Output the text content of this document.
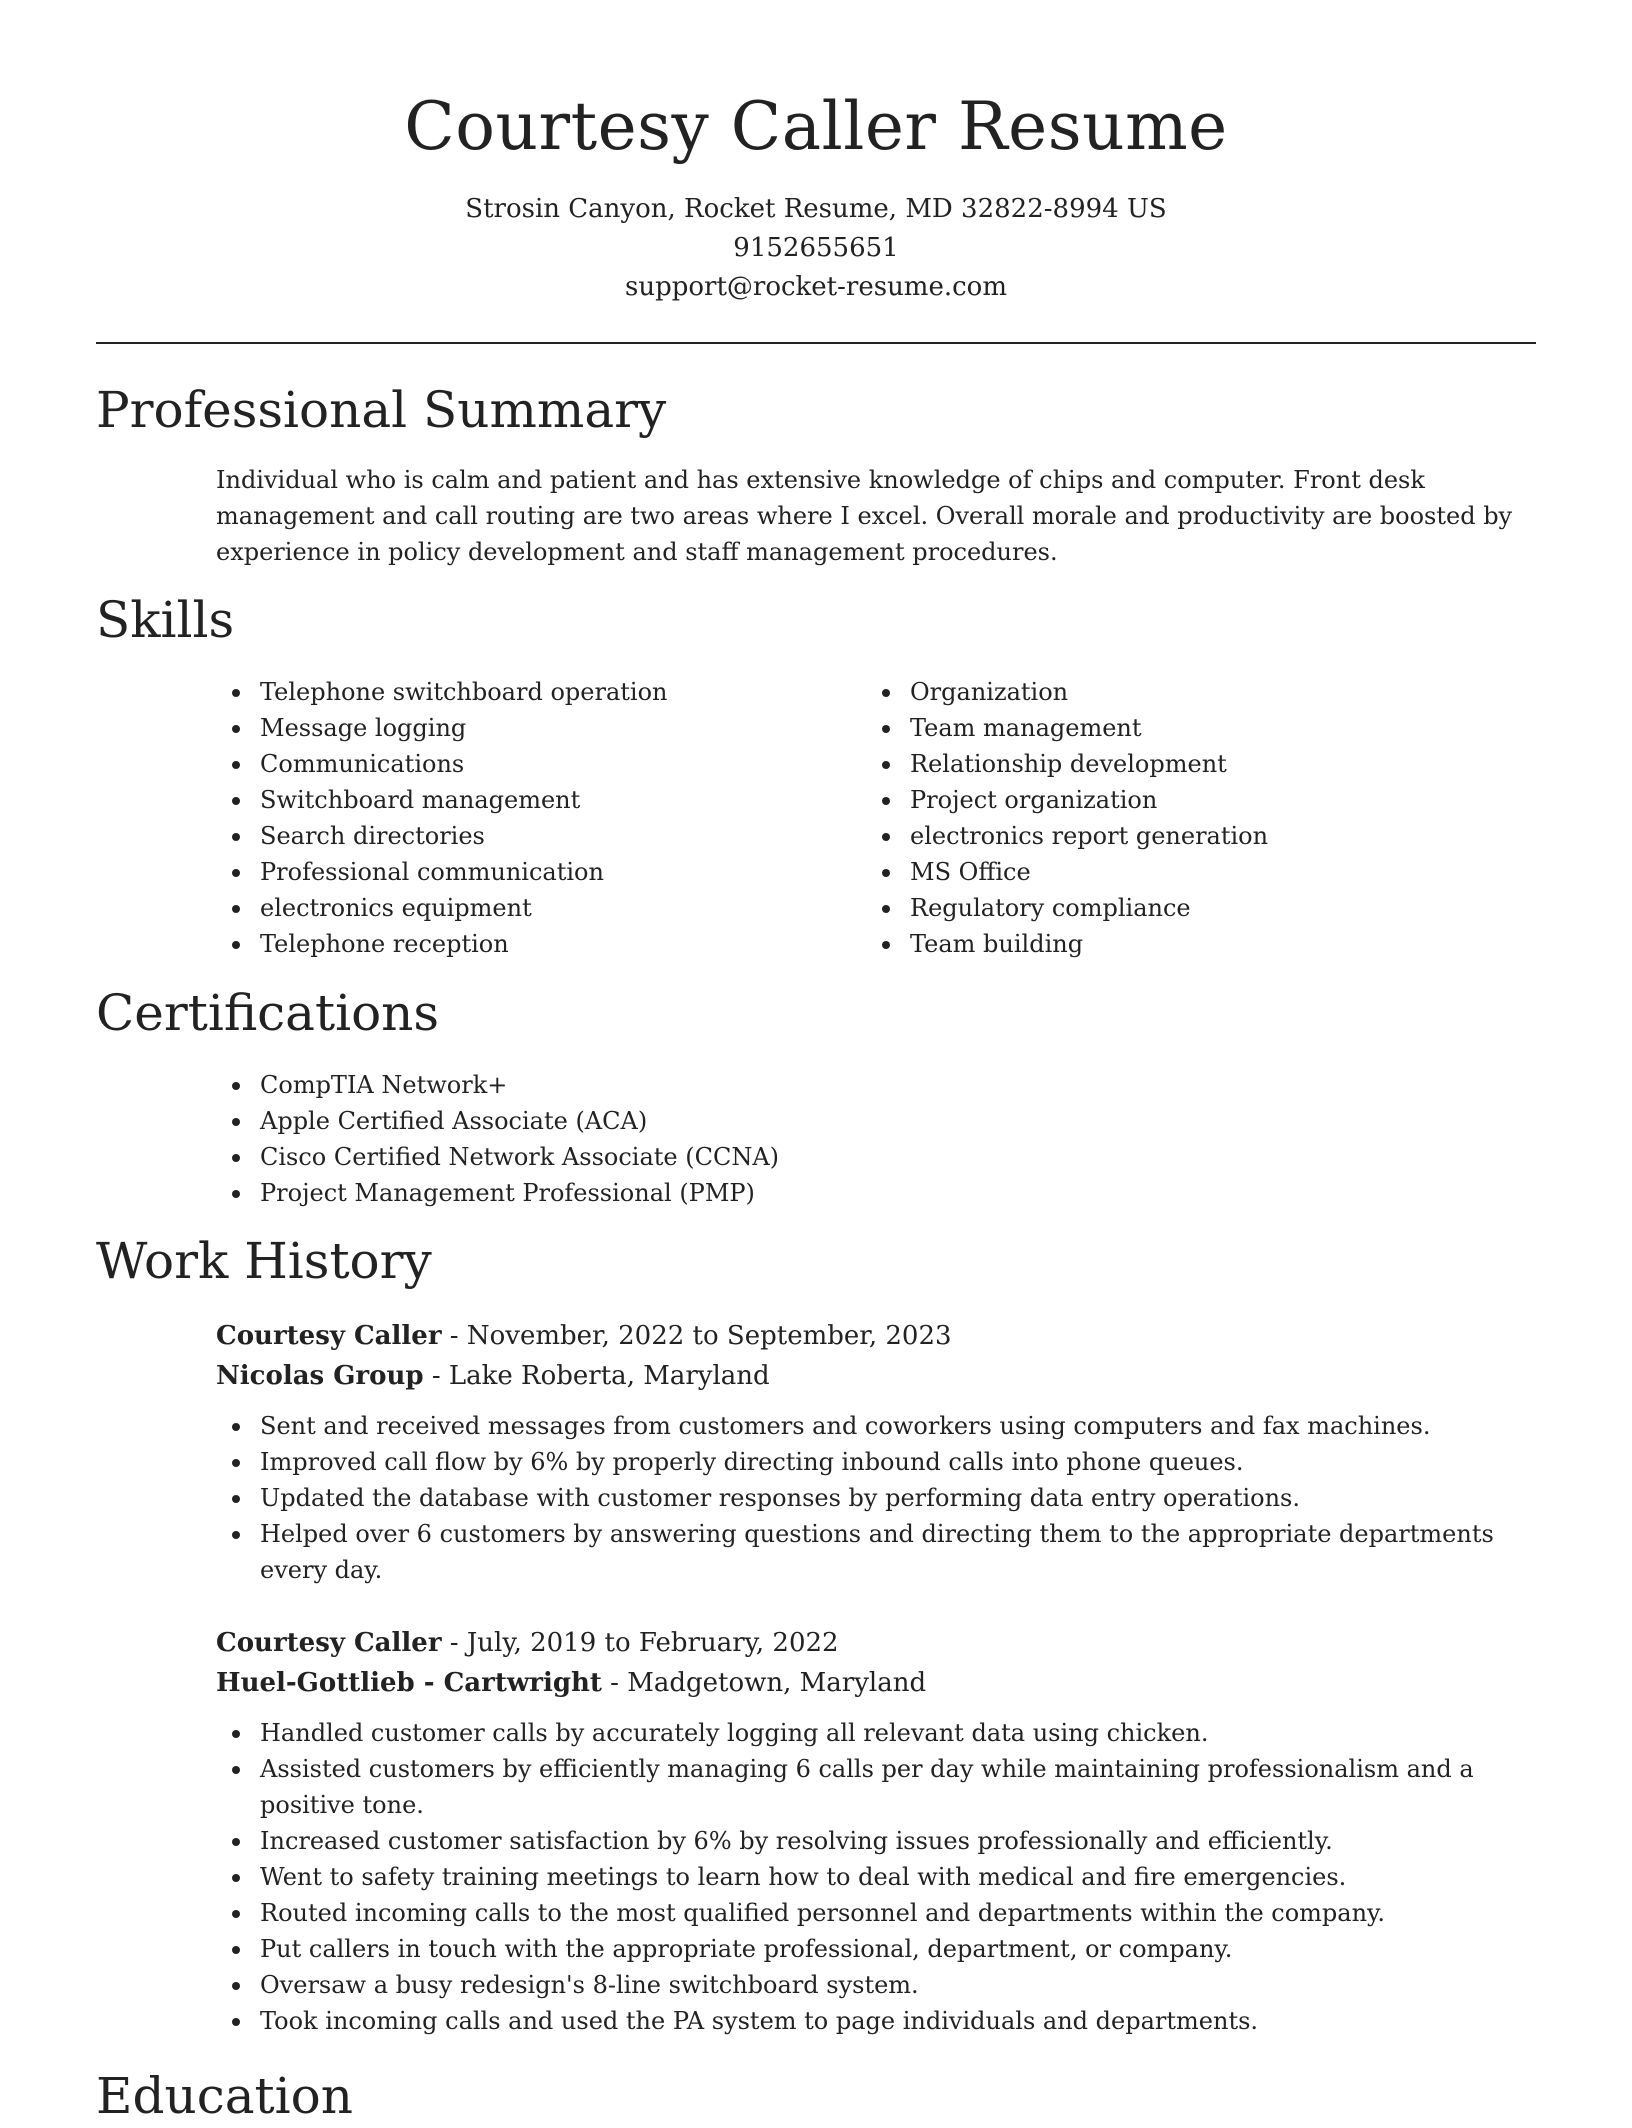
Courtesy Caller Resume
Strosin Canyon, Rocket Resume, MD 32822-8994 US
9152655651
support@rocket-resume.com
Professional Summary

Individual who is calm and patient and has extensive knowledge of chips and computer. Front desk management and call routing are two areas where I excel. Overall morale and productivity are boosted by experience in policy development and staff management procedures.

Skills
Telephone switchboard operation
Message logging
Communications
Switchboard management
Search directories
Professional communication
electronics equipment
Telephone reception
Organization
Team management
Relationship development
Project organization
electronics report generation
MS Office
Regulatory compliance
Team building
Certifications
CompTIA Network+
Apple Certified Associate (ACA)
Cisco Certified Network Associate (CCNA)
Project Management Professional (PMP)
Work History
Courtesy Caller - November, 2022 to September, 2023
Nicolas Group - Lake Roberta, Maryland
Sent and received messages from customers and coworkers using computers and fax machines.
Improved call flow by 6% by properly directing inbound calls into phone queues.
Updated the database with customer responses by performing data entry operations.
Helped over 6 customers by answering questions and directing them to the appropriate departments every day.
Courtesy Caller - July, 2019 to February, 2022
Huel-Gottlieb - Cartwright - Madgetown, Maryland
Handled customer calls by accurately logging all relevant data using chicken.
Assisted customers by efficiently managing 6 calls per day while maintaining professionalism and a positive tone.
Increased customer satisfaction by 6% by resolving issues professionally and efficiently.
Went to safety training meetings to learn how to deal with medical and fire emergencies.
Routed incoming calls to the most qualified personnel and departments within the company.
Put callers in touch with the appropriate professional, department, or company.
Oversaw a busy redesign's 8-line switchboard system.
Took incoming calls and used the PA system to page individuals and departments.
Education
